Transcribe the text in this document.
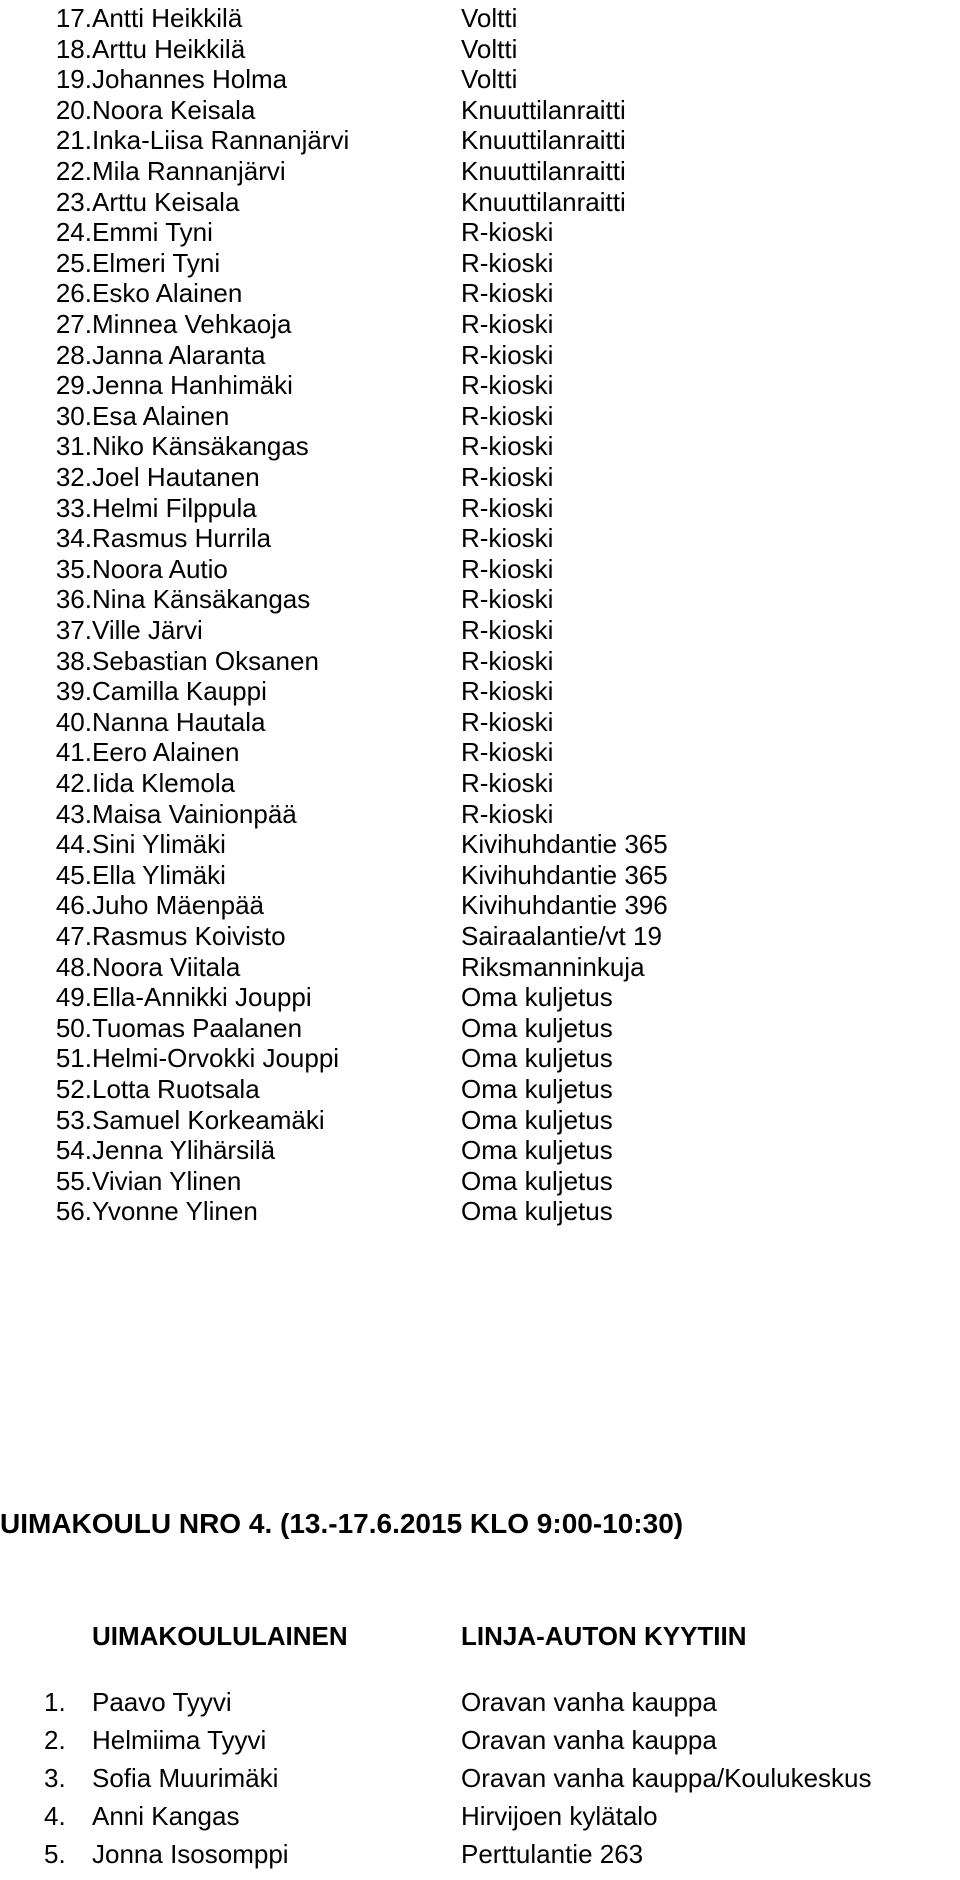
17. Antti Heikkilä	Voltti
18. Arttu Heikkilä	Voltti
19. Johannes Holma	Voltti
20. Noora Keisala	Knuuttilanraitti
21. Inka-Liisa Rannanjärvi	Knuuttilanraitti
22. Mila Rannanjärvi	Knuuttilanraitti
23. Arttu Keisala	Knuuttilanraitti
24. Emmi Tyni	R-kioski
25. Elmeri Tyni	R-kioski
26. Esko Alainen	R-kioski
27. Minnea Vehkaoja	R-kioski
28. Janna Alaranta	R-kioski
29. Jenna Hanhimäki	R-kioski
30. Esa Alainen	R-kioski
31. Niko Känsäkangas	R-kioski
32. Joel Hautanen	R-kioski
33. Helmi Filppula	R-kioski
34. Rasmus Hurrila	R-kioski
35. Noora Autio	R-kioski
36. Nina Känsäkangas	R-kioski
37. Ville Järvi	R-kioski
38. Sebastian Oksanen	R-kioski
39. Camilla Kauppi	R-kioski
40. Nanna Hautala	R-kioski
41. Eero Alainen	R-kioski
42. Iida Klemola	R-kioski
43. Maisa Vainionpää	R-kioski
44. Sini Ylimäki	Kivihuhdantie 365
45. Ella Ylimäki	Kivihuhdantie 365
46. Juho Mäenpää	Kivihuhdantie 396
47. Rasmus Koivisto	Sairaalantie/vt 19
48. Noora Viitala	Riksmanninkuja
49. Ella-Annikki Jouppi	Oma kuljetus
50. Tuomas Paalanen	Oma kuljetus
51. Helmi-Orvokki Jouppi	Oma kuljetus
52. Lotta Ruotsala	Oma kuljetus
53. Samuel Korkeamäki	Oma kuljetus
54. Jenna Ylihärsilä	Oma kuljetus
55. Vivian Ylinen	Oma kuljetus
56. Yvonne Ylinen	Oma kuljetus
UIMAKOULU NRO 4. (13.-17.6.2015 KLO 9:00-10:30)
UIMAKOULULAINEN	LINJA-AUTON KYYTIIN
1. Paavo Tyyvi	Oravan vanha kauppa
2. Helmiima Tyyvi	Oravan vanha kauppa
3. Sofia Muurimäki	Oravan vanha kauppa/Koulukeskus
4. Anni Kangas	Hirvijoen kylätalo
5. Jonna Isosomppi	Perttulantie 263
